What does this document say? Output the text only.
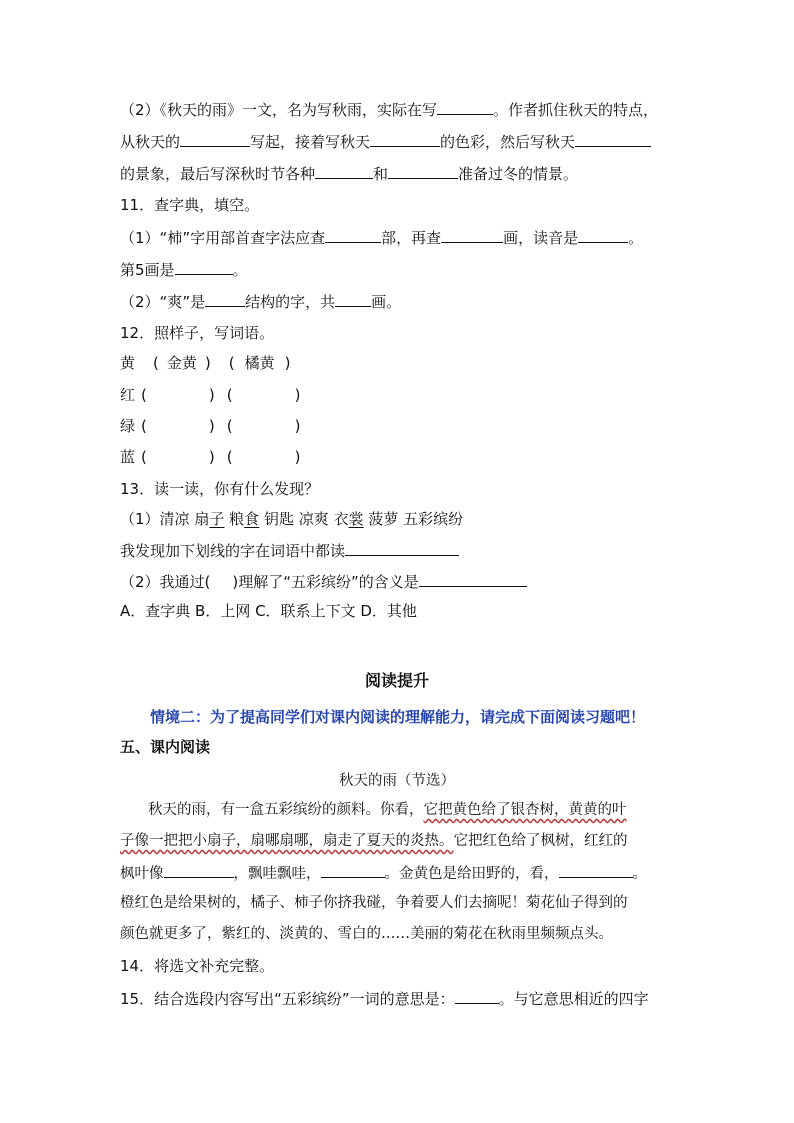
（2）《秋天的雨》一文，名为写秋雨，实际在写	。作者抓住秋天的特点，
从秋天的	写起，接着写秋天	的色彩，然后写秋天
的景象，最后写深秋时节各种	和	准备过冬的情景。
11．查字典，填空。
（1）“柿”字用部首查字法应查	部，再查	画，读音是	。
第5画是	。
（2）“爽”是	结构的字，共 画。
12．照样子，写词语。
黄 ( 金黄 ) ( 橘黄 )
红 (	) (	)
绿 (	) (	)
蓝 (	) (	)
13．读一读，你有什么发现？
（1）清凉 扇子 粮食 钥匙 凉爽 衣裳 菠萝 五彩缤纷
我发现加下划线的字在词语中都读
（2）我通过( )理解了“五彩缤纷”的含义是
A．查字典 B．上网 C．联系上下文 D．其他
阅读提升
情境二：为了提高同学们对课内阅读的理解能力，请完成下面阅读习题吧！
五、课内阅读
秋天的雨（节选）
秋天的雨，有一盒五彩缤纷的颜料。你看，它把黄色给了银杏树，黄黄的叶
子像一把把小扇子，扇哪扇哪，扇走了夏天的炎热。它把红色给了枫树，红红的
枫叶像	，飘哇飘哇，	。金黄色是给田野的，看，	。
橙红色是给果树的，橘子、柿子你挤我碰，争着要人们去摘呢！菊花仙子得到的
颜色就更多了，紫红的、淡黄的、雪白的……美丽的菊花在秋雨里频频点头。
14．将选文补充完整。
15．结合选段内容写出“五彩缤纷”一词的意思是：	。与它意思相近的四字
